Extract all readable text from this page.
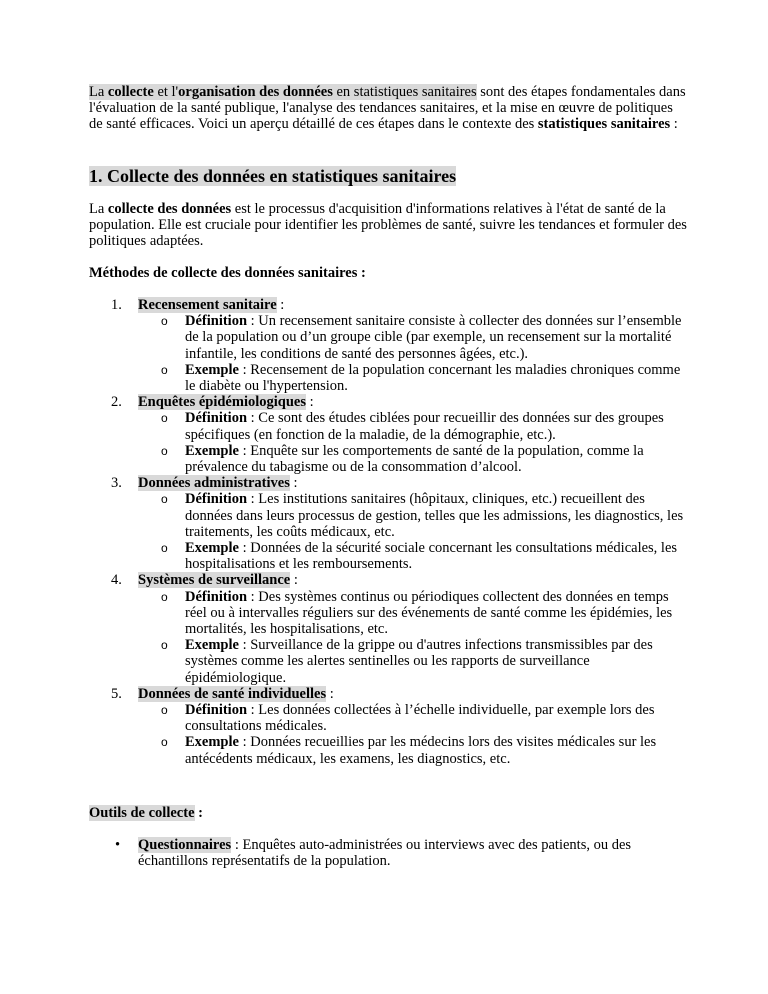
La collecte et l'organisation des données en statistiques sanitaires sont des étapes fondamentales dans l'évaluation de la santé publique, l'analyse des tendances sanitaires, et la mise en œuvre de politiques de santé efficaces. Voici un aperçu détaillé de ces étapes dans le contexte des statistiques sanitaires :

1. Collecte des données en statistiques sanitaires

La collecte des données est le processus d'acquisition d'informations relatives à l'état de santé de la population. Elle est cruciale pour identifier les problèmes de santé, suivre les tendances et formuler des politiques adaptées.

Méthodes de collecte des données sanitaires :
1. Recensement sanitaire :
o Définition : Un recensement sanitaire consiste à collecter des données sur l’ensemble de la population ou d’un groupe cible (par exemple, un recensement sur la mortalité infantile, les conditions de santé des personnes âgées, etc.).
o Exemple : Recensement de la population concernant les maladies chroniques comme le diabète ou l'hypertension.
2. Enquêtes épidémiologiques :
o Définition : Ce sont des études ciblées pour recueillir des données sur des groupes spécifiques (en fonction de la maladie, de la démographie, etc.).
o Exemple : Enquête sur les comportements de santé de la population, comme la prévalence du tabagisme ou de la consommation d’alcool.
3. Données administratives :
o Définition : Les institutions sanitaires (hôpitaux, cliniques, etc.) recueillent des données dans leurs processus de gestion, telles que les admissions, les diagnostics, les traitements, les coûts médicaux, etc.
o Exemple : Données de la sécurité sociale concernant les consultations médicales, les hospitalisations et les remboursements.
4. Systèmes de surveillance :
o Définition : Des systèmes continus ou périodiques collectent des données en temps réel ou à intervalles réguliers sur des événements de santé comme les épidémies, les mortalités, les hospitalisations, etc.
o Exemple : Surveillance de la grippe ou d'autres infections transmissibles par des systèmes comme les alertes sentinelles ou les rapports de surveillance épidémiologique.
5. Données de santé individuelles :
o Définition : Les données collectées à l’échelle individuelle, par exemple lors des consultations médicales.
o Exemple : Données recueillies par les médecins lors des visites médicales sur les antécédents médicaux, les examens, les diagnostics, etc.
Outils de collecte :
• Questionnaires : Enquêtes auto-administrées ou interviews avec des patients, ou des échantillons représentatifs de la population.
